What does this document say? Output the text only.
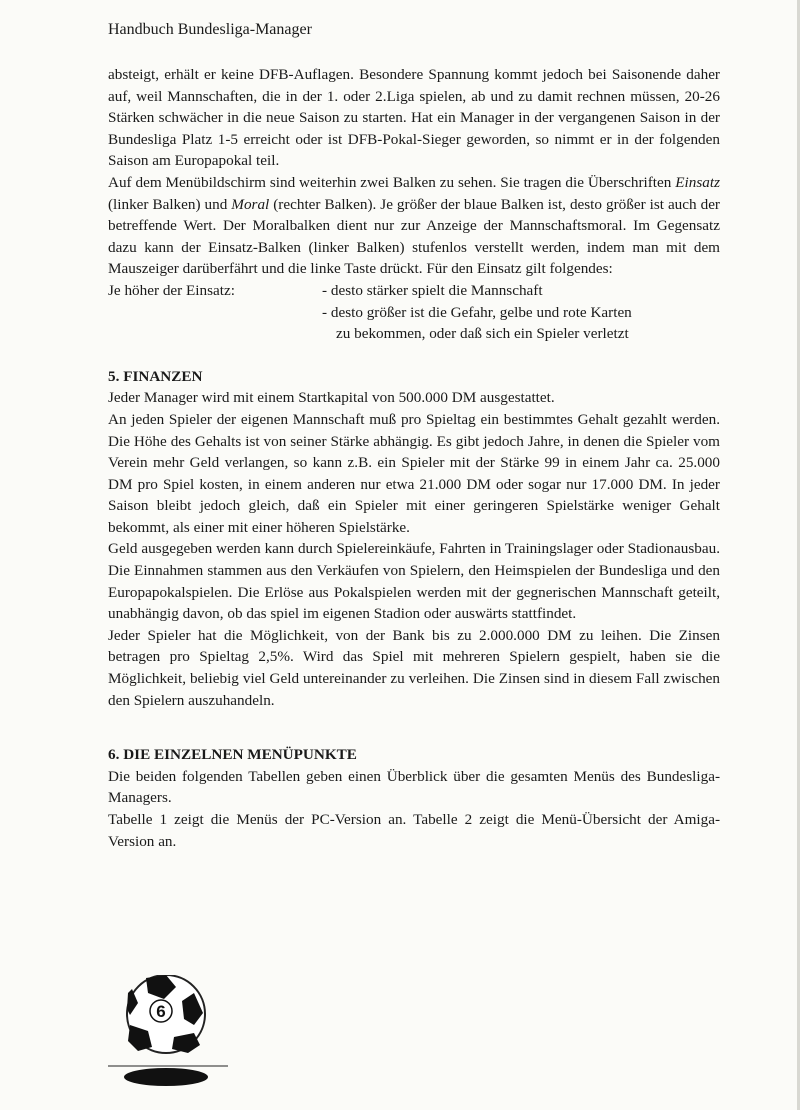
Handbuch Bundesliga-Manager

absteigt, erhält er keine DFB-Auflagen. Besondere Spannung kommt jedoch bei Saisonende daher auf, weil Mannschaften, die in der 1. oder 2.Liga spielen, ab und zu damit rechnen müssen, 20-26 Stärken schwächer in die neue Saison zu starten. Hat ein Manager in der vergangenen Saison in der Bundesliga Platz 1-5 erreicht oder ist DFB-Pokal-Sieger geworden, so nimmt er in der folgenden Saison am Europapokal teil.

Auf dem Menübildschirm sind weiterhin zwei Balken zu sehen. Sie tragen die Überschriften Einsatz (linker Balken) und Moral (rechter Balken). Je größer der blaue Balken ist, desto größer ist auch der betreffende Wert. Der Moralbalken dient nur zur Anzeige der Mannschaftsmoral. Im Gegensatz dazu kann der Einsatz-Balken (linker Balken) stufenlos verstellt werden, indem man mit dem Mauszeiger darüberfährt und die linke Taste drückt. Für den Einsatz gilt folgendes:

Je höher der Einsatz:	- desto stärker spielt die Mannschaft

- desto größer ist die Gefahr, gelbe und rote Karten

zu bekommen, oder daß sich ein Spieler verletzt

5. FINANZEN

Jeder Manager wird mit einem Startkapital von 500.000 DM ausgestattet.

An jeden Spieler der eigenen Mannschaft muß pro Spieltag ein bestimmtes Gehalt gezahlt werden. Die Höhe des Gehalts ist von seiner Stärke abhängig. Es gibt jedoch Jahre, in denen die Spieler vom Verein mehr Geld verlangen, so kann z.B. ein Spieler mit der Stärke 99 in einem Jahr ca. 25.000 DM pro Spiel kosten, in einem anderen nur etwa 21.000 DM oder sogar nur 17.000 DM. In jeder Saison bleibt jedoch gleich, daß ein Spieler mit einer geringeren Spielstärke weniger Gehalt bekommt, als einer mit einer höheren Spielstärke.

Geld ausgegeben werden kann durch Spielereinkäufe, Fahrten in Trainingslager oder Stadionausbau. Die Einnahmen stammen aus den Verkäufen von Spielern, den Heimspielen der Bundesliga und den Europapokalspielen. Die Erlöse aus Pokalspielen werden mit der gegnerischen Mannschaft geteilt, unabhängig davon, ob das spiel im eigenen Stadion oder auswärts stattfindet.

Jeder Spieler hat die Möglichkeit, von der Bank bis zu 2.000.000 DM zu leihen. Die Zinsen betragen pro Spieltag 2,5%. Wird das Spiel mit mehreren Spielern gespielt, haben sie die Möglichkeit, beliebig viel Geld untereinander zu verleihen. Die Zinsen sind in diesem Fall zwischen den Spielern auszuhandeln.

6. DIE EINZELNEN MENÜPUNKTE

Die beiden folgenden Tabellen geben einen Überblick über die gesamten Menüs des Bundesliga-Managers.

Tabelle 1 zeigt die Menüs der PC-Version an. Tabelle 2 zeigt die Menü-Übersicht der Amiga-Version an.

6
